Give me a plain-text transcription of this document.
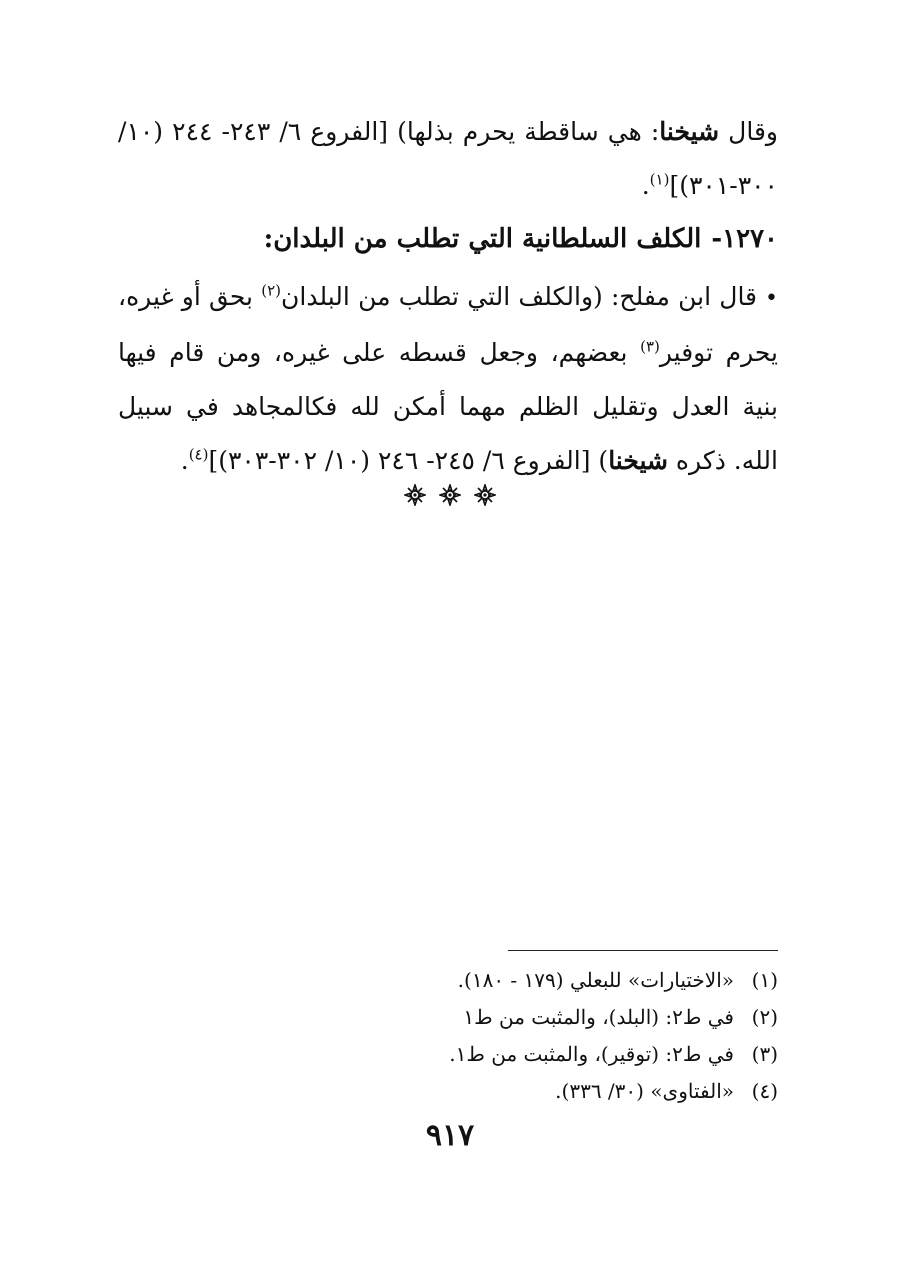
وقال شيخنا: هي ساقطة يحرم بذلها) [الفروع ٦/ ٢٤٣- ٢٤٤ (١٠/ ٣٠٠-٣٠١)]$^{(١)}$.

١٢٧٠-الكلف السلطانية التي تطلب من البلدان:

•قال ابن مفلح: (والكلف التي تطلب من البلدان$^{(٢)}$ بحق أو غيره، يحرم توفير$^{(٣)}$ بعضهم، وجعل قسطه على غيره، ومن قام فيها بنية العدل وتقليل الظلم مهما أمكن لله فكالمجاهد في سبيل الله. ذكره شيخنا) [الفروع ٦/ ٢٤٥- ٢٤٦ (١٠/ ٣٠٢-٣٠٣)]$^{(٤)}$.

(١)«الاختيارات» للبعلي (١٧٩ - ١٨٠).

(٢)في ط٢: (البلد)، والمثبت من ط١

(٣)في ط٢: (توقير)، والمثبت من ط١.

(٤)«الفتاوى» (٣٠/ ٣٣٦).

٩١٧
